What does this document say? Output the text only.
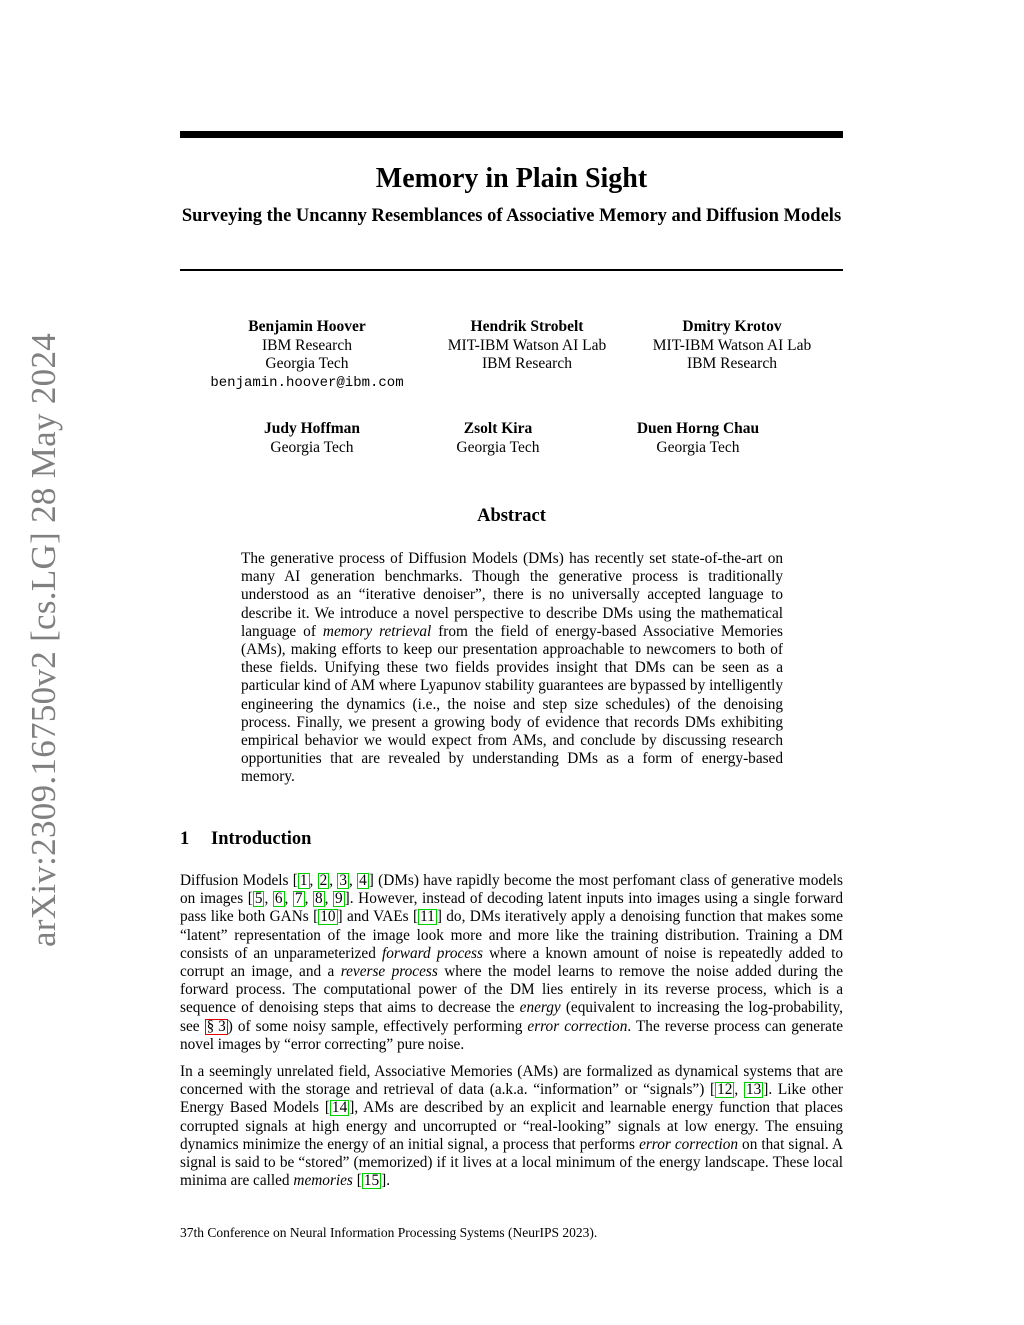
arXiv:2309.16750v2 [cs.LG] 28 May 2024
Memory in Plain Sight
Surveying the Uncanny Resemblances of Associative Memory and Diffusion Models
Benjamin Hoover
IBM Research
Georgia Tech
benjamin.hoover@ibm.com
Hendrik Strobelt
MIT-IBM Watson AI Lab
IBM Research
Dmitry Krotov
MIT-IBM Watson AI Lab
IBM Research
Judy Hoffman
Georgia Tech
Zsolt Kira
Georgia Tech
Duen Horng Chau
Georgia Tech
Abstract

The generative process of Diffusion Models (DMs) has recently set state-of-the-art on many AI generation benchmarks. Though the generative process is traditionally understood as an “iterative denoiser”, there is no universally accepted language to describe it. We introduce a novel perspective to describe DMs using the mathematical language of memory retrieval from the field of energy-based Associative Memories (AMs), making efforts to keep our presentation approachable to newcomers to both of these fields. Unifying these two fields provides insight that DMs can be seen as a particular kind of AM where Lyapunov stability guarantees are bypassed by intelligently engineering the dynamics (i.e., the noise and step size schedules) of the denoising process. Finally, we present a growing body of evidence that records DMs exhibiting empirical behavior we would expect from AMs, and conclude by discussing research opportunities that are revealed by understanding DMs as a form of energy-based memory.

1 Introduction

Diffusion Models [ 1 , 2 , 3 , 4 ] (DMs) have rapidly become the most perfomant class of generative models on images [ 5 , 6 , 7 , 8 , 9 ]. However, instead of decoding latent inputs into images using a single forward pass like both GANs [ 10 ] and VAEs [ 11 ] do, DMs iteratively apply a denoising function that makes some “latent” representation of the image look more and more like the training distribution. Training a DM consists of an unparameterized forward process where a known amount of noise is repeatedly added to corrupt an image, and a reverse process where the model learns to remove the noise added during the forward process. The computational power of the DM lies entirely in its reverse process, which is a sequence of denoising steps that aims to decrease the energy (equivalent to increasing the log-probability, see § 3 ) of some noisy sample, effectively performing error correction. The reverse process can generate novel images by “error correcting” pure noise.

In a seemingly unrelated field, Associative Memories (AMs) are formalized as dynamical systems that are concerned with the storage and retrieval of data (a.k.a. “information” or “signals”) [ 12 , 13 ]. Like other Energy Based Models [ 14 ], AMs are described by an explicit and learnable energy function that places corrupted signals at high energy and uncorrupted or “real-looking” signals at low energy. The ensuing dynamics minimize the energy of an initial signal, a process that performs error correction on that signal. A signal is said to be “stored” (memorized) if it lives at a local minimum of the energy landscape. These local minima are called memories [ 15 ].

37th Conference on Neural Information Processing Systems (NeurIPS 2023).
